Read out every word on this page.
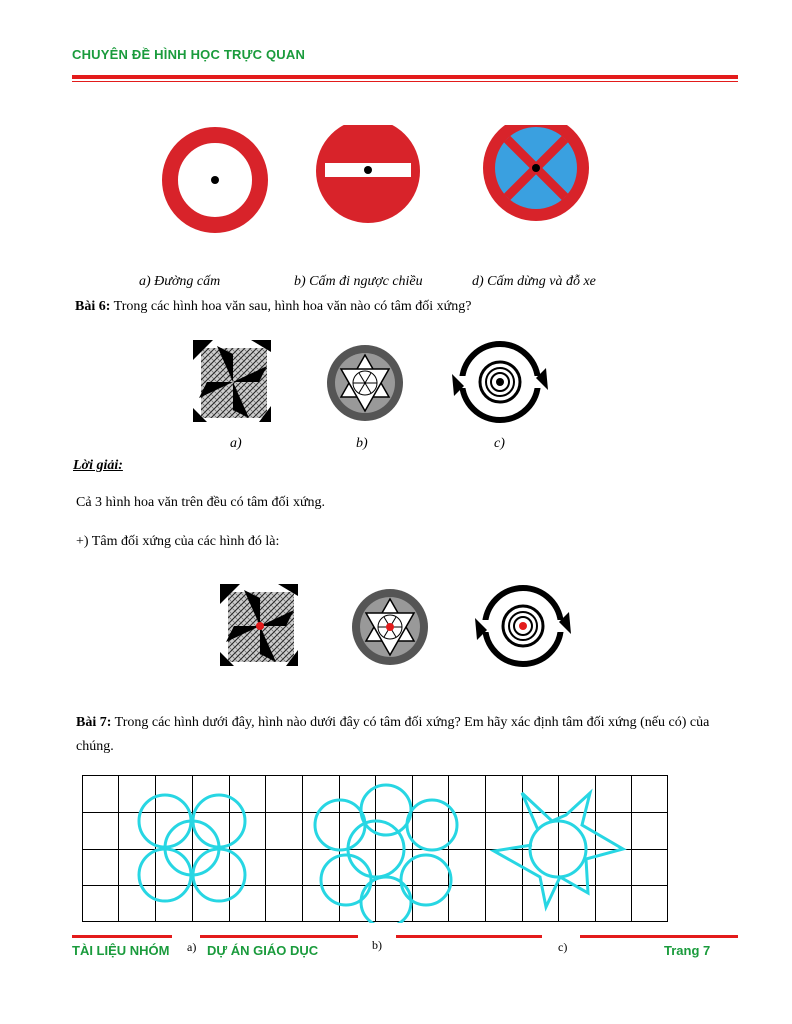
CHUYÊN ĐỀ HÌNH HỌC TRỰC QUAN
a) Đường cấm	b) Cấm đi ngược chiều	d) Cấm dừng và đỗ xe
Bài 6: Trong các hình hoa văn sau, hình hoa văn nào có tâm đối xứng?
a)	b)	c)
Lời giải:
Cả 3 hình hoa văn trên đều có tâm đối xứng.
+) Tâm đối xứng của các hình đó là:
Bài 7: Trong các hình dưới đây, hình nào dưới đây có tâm đối xứng? Em hãy xác định tâm đối xứng (nếu có) của chúng.
a)	b)	c)
TÀI LIỆU NHÓM	DỰ ÁN GIÁO DỤC	Trang 7
